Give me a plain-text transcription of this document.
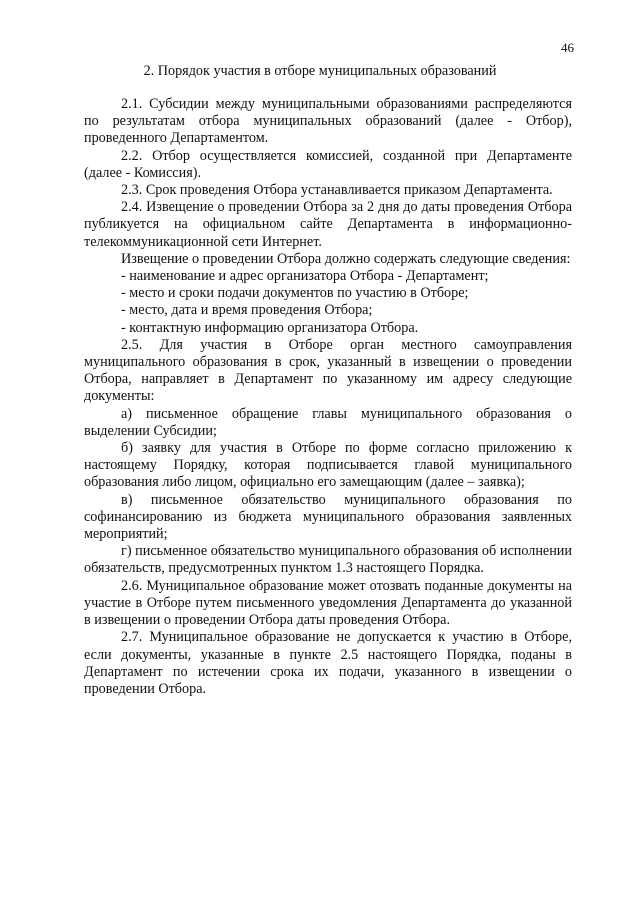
46
2. Порядок участия в отборе муниципальных образований

2.1. Субсидии между муниципальными образованиями распределяются по результатам отбора муниципальных образований (далее - Отбор), проведенного Департаментом.

2.2. Отбор осуществляется комиссией, созданной при Департаменте (далее - Комиссия).

2.3. Срок проведения Отбора устанавливается приказом Департамента.

2.4. Извещение о проведении Отбора за 2 дня до даты проведения Отбора публикуется на официальном сайте Департамента в информационно-телекоммуникационной сети Интернет.

Извещение о проведении Отбора должно содержать следующие сведения:

- наименование и адрес организатора Отбора - Департамент;

- место и сроки подачи документов по участию в Отборе;

- место, дата и время проведения Отбора;

- контактную информацию организатора Отбора.

2.5. Для участия в Отборе орган местного самоуправления муниципального образования в срок, указанный в извещении о проведении Отбора, направляет в Департамент по указанному им адресу следующие документы:

а) письменное обращение главы муниципального образования о выделении Субсидии;

б) заявку для участия в Отборе по форме согласно приложению к настоящему Порядку, которая подписывается главой муниципального образования либо лицом, официально его замещающим (далее – заявка);

в) письменное обязательство муниципального образования по софинансированию из бюджета муниципального образования заявленных мероприятий;

г) письменное обязательство муниципального образования об исполнении обязательств, предусмотренных пунктом 1.3 настоящего Порядка.

2.6. Муниципальное образование может отозвать поданные документы на участие в Отборе путем письменного уведомления Департамента до указанной в извещении о проведении Отбора даты проведения Отбора.

2.7. Муниципальное образование не допускается к участию в Отборе, если документы, указанные в пункте 2.5 настоящего Порядка, поданы в Департамент по истечении срока их подачи, указанного в извещении о проведении Отбора.
